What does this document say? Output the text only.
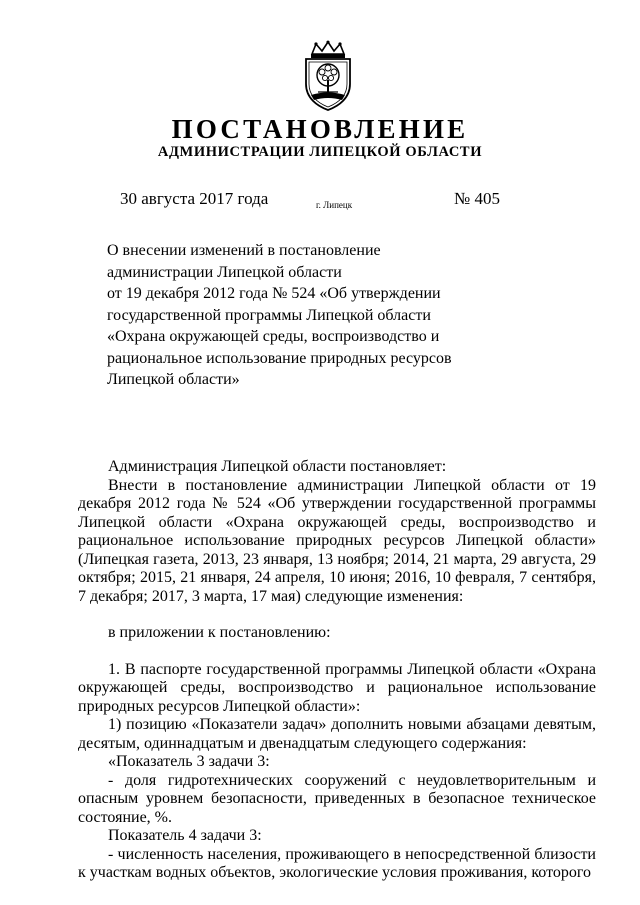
ПОСТАНОВЛЕНИЕ
АДМИНИСТРАЦИИ ЛИПЕЦКОЙ ОБЛАСТИ
30 августа 2017 года	г. Липецк	№ 405
О внесении изменений в постановление
администрации Липецкой области
от 19 декабря 2012 года № 524 «Об утверждении
государственной программы Липецкой области
«Охрана окружающей среды, воспроизводство и
рациональное использование природных ресурсов
Липецкой области»
Администрация Липецкой области постановляет:
Внести в постановление администрации Липецкой области от 19 декабря 2012 года № 524 «Об утверждении государственной программы Липецкой области «Охрана окружающей среды, воспроизводство и рациональное использование природных ресурсов Липецкой области» (Липецкая газета, 2013, 23 января, 13 ноября; 2014, 21 марта, 29 августа, 29 октября; 2015, 21 января, 24 апреля, 10 июня; 2016, 10 февраля, 7 сентября, 7 декабря; 2017, 3 марта, 17 мая) следующие изменения:
в приложении к постановлению:
1. В паспорте государственной программы Липецкой области «Охрана окружающей среды, воспроизводство и рациональное использование природных ресурсов Липецкой области»:
1) позицию «Показатели задач» дополнить новыми абзацами девятым, десятым, одиннадцатым и двенадцатым следующего содержания:
«Показатель 3 задачи 3:
- доля гидротехнических сооружений с неудовлетворительным и опасным уровнем безопасности, приведенных в безопасное техническое состояние, %.
Показатель 4 задачи 3:
- численность населения, проживающего в непосредственной близости к участкам водных объектов, экологические условия проживания, которого
